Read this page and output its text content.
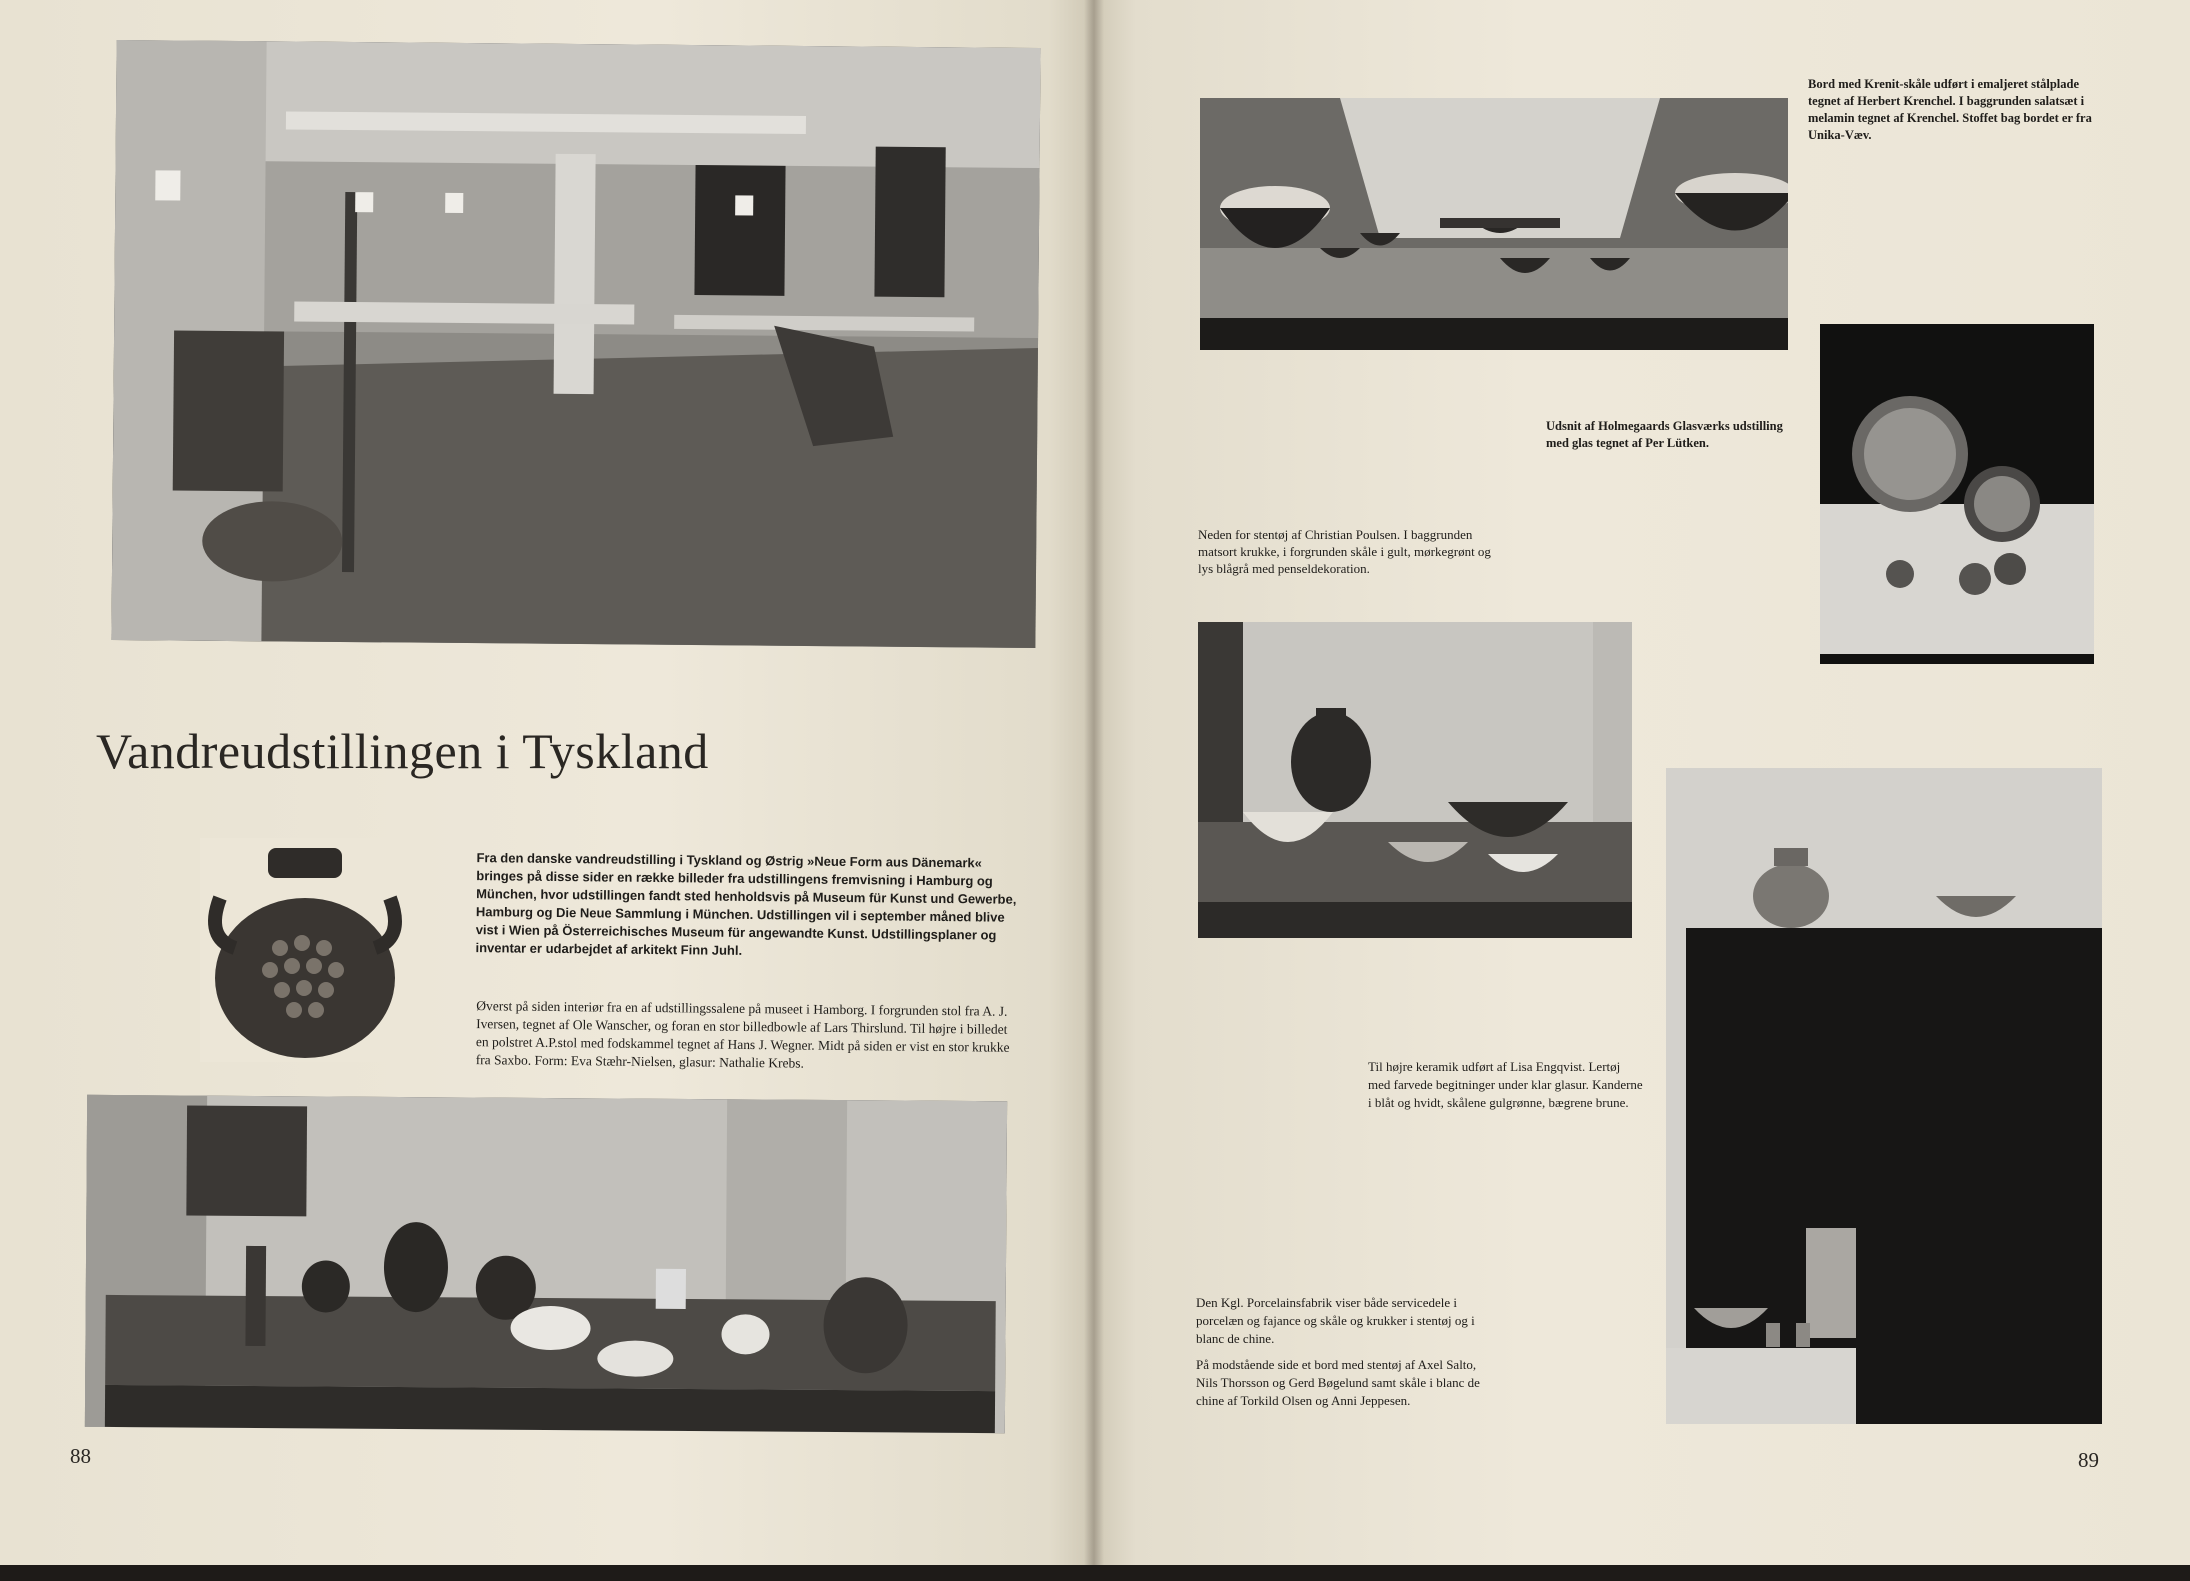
Vandreudstillingen i Tyskland
Fra den danske vandreudstilling i Tyskland og Østrig »Neue Form aus Dänemark« bringes på disse sider en række billeder fra udstillingens fremvisning i Hamburg og München, hvor udstillingen fandt sted henholdsvis på Museum für Kunst und Gewerbe, Hamburg og Die Neue Sammlung i München. Udstillingen vil i september måned blive vist i Wien på Österreichisches Museum für angewandte Kunst. Udstillingsplaner og inventar er udarbejdet af arkitekt Finn Juhl.
Øverst på siden interiør fra en af udstillingssalene på museet i Hamborg. I forgrunden stol fra A. J. Iversen, tegnet af Ole Wanscher, og foran en stor billedbowle af Lars Thirslund. Til højre i billedet en polstret A.P.stol med fodskammel tegnet af Hans J. Wegner. Midt på siden er vist en stor krukke fra Saxbo. Form: Eva Stæhr-Nielsen, glasur: Nathalie Krebs.
88
Bord med Krenit-skåle udført i emaljeret stålplade tegnet af Herbert Krenchel. I baggrunden salatsæt i melamin tegnet af Krenchel. Stoffet bag bordet er fra Unika-Væv.
Udsnit af Holmegaards Glasværks udstilling med glas tegnet af Per Lütken.
Neden for stentøj af Christian Poulsen. I baggrunden matsort krukke, i forgrunden skåle i gult, mørkegrønt og lys blågrå med penseldekoration.
Til højre keramik udført af Lisa Engqvist. Lertøj med farvede begitninger under klar glasur. Kanderne i blåt og hvidt, skålene gulgrønne, bægrene brune.

Den Kgl. Porcelainsfabrik viser både servicedele i porcelæn og fajance og skåle og krukker i stentøj og i blanc de chine.

På modstående side et bord med stentøj af Axel Salto, Nils Thorsson og Gerd Bøgelund samt skåle i blanc de chine af Torkild Olsen og Anni Jeppesen.

89
